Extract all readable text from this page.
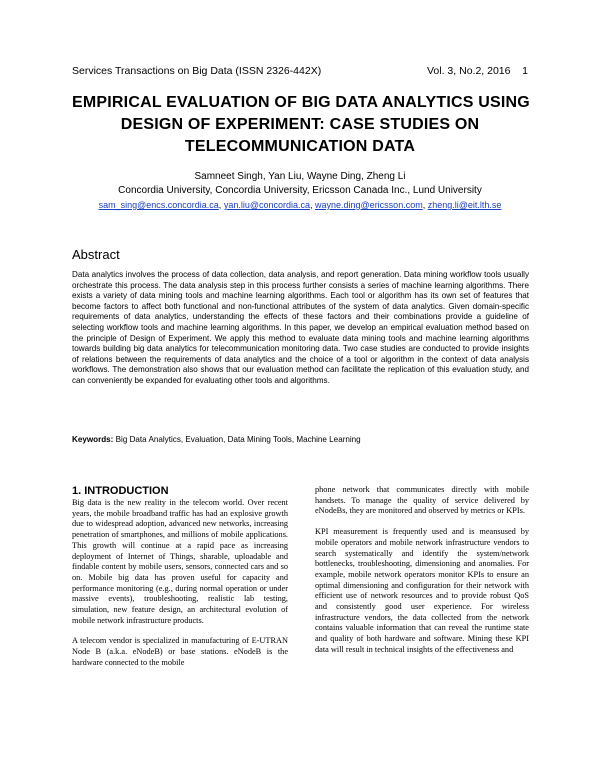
Services Transactions on Big Data (ISSN 2326-442X)	Vol. 3, No.2, 2016 1
EMPIRICAL EVALUATION OF BIG DATA ANALYTICS USING
DESIGN OF EXPERIMENT: CASE STUDIES ON
TELECOMMUNICATION DATA
Samneet Singh, Yan Liu, Wayne Ding, Zheng Li
Concordia University, Concordia University, Ericsson Canada Inc., Lund University
sam_sing@encs.concordia.ca, yan.liu@concordia.ca, wayne.ding@ericsson.com, zheng.li@eit.lth.se
Abstract
Data analytics involves the process of data collection, data analysis, and report generation. Data mining workflow tools usually orchestrate this process. The data analysis step in this process further consists a series of machine learning algorithms. There exists a variety of data mining tools and machine learning algorithms. Each tool or algorithm has its own set of features that become factors to affect both functional and non-functional attributes of the system of data analytics. Given domain-specific requirements of data analytics, understanding the effects of these factors and their combinations provide a guideline of selecting workflow tools and machine learning algorithms. In this paper, we develop an empirical evaluation method based on the principle of Design of Experiment. We apply this method to evaluate data mining tools and machine learning algorithms towards building big data analytics for telecommunication monitoring data. Two case studies are conducted to provide insights of relations between the requirements of data analytics and the choice of a tool or algorithm in the context of data analysis workflows. The demonstration also shows that our evaluation method can facilitate the replication of this evaluation study, and can conveniently be expanded for evaluating other tools and algorithms.
Keywords: Big Data Analytics, Evaluation, Data Mining Tools, Machine Learning
1. INTRODUCTION

Big data is the new reality in the telecom world. Over recent years, the mobile broadband traffic has had an explosive growth due to widespread adoption, advanced new networks, increasing penetration of smartphones, and millions of mobile applications. This growth will continue at a rapid pace as increasing deployment of Internet of Things, sharable, uploadable and findable content by mobile users, sensors, connected cars and so on. Mobile big data has proven useful for capacity and performance monitoring (e.g., during normal operation or under massive events), troubleshooting, realistic lab testing, simulation, new feature design, an architectural evolution of mobile network infrastructure products.

A telecom vendor is specialized in manufacturing of E-UTRAN Node B (a.k.a. eNodeB) or base stations. eNodeB is the hardware connected to the mobile

phone network that communicates directly with mobile handsets. To manage the quality of service delivered by eNodeBs, they are monitored and observed by metrics or KPIs.

KPI measurement is frequently used and is meansused by mobile operators and mobile network infrastructure vendors to search systematically and identify the system/network bottlenecks, troubleshooting, dimensioning and anomalies. For example, mobile network operators monitor KPIs to ensure an optimal dimensioning and configuration for their network with efficient use of network resources and to provide robust QoS and consistently good user experience. For wireless infrastructure vendors, the data collected from the network contains valuable information that can reveal the runtime state and quality of both hardware and software. Mining these KPI data will result in technical insights of the effectiveness and
